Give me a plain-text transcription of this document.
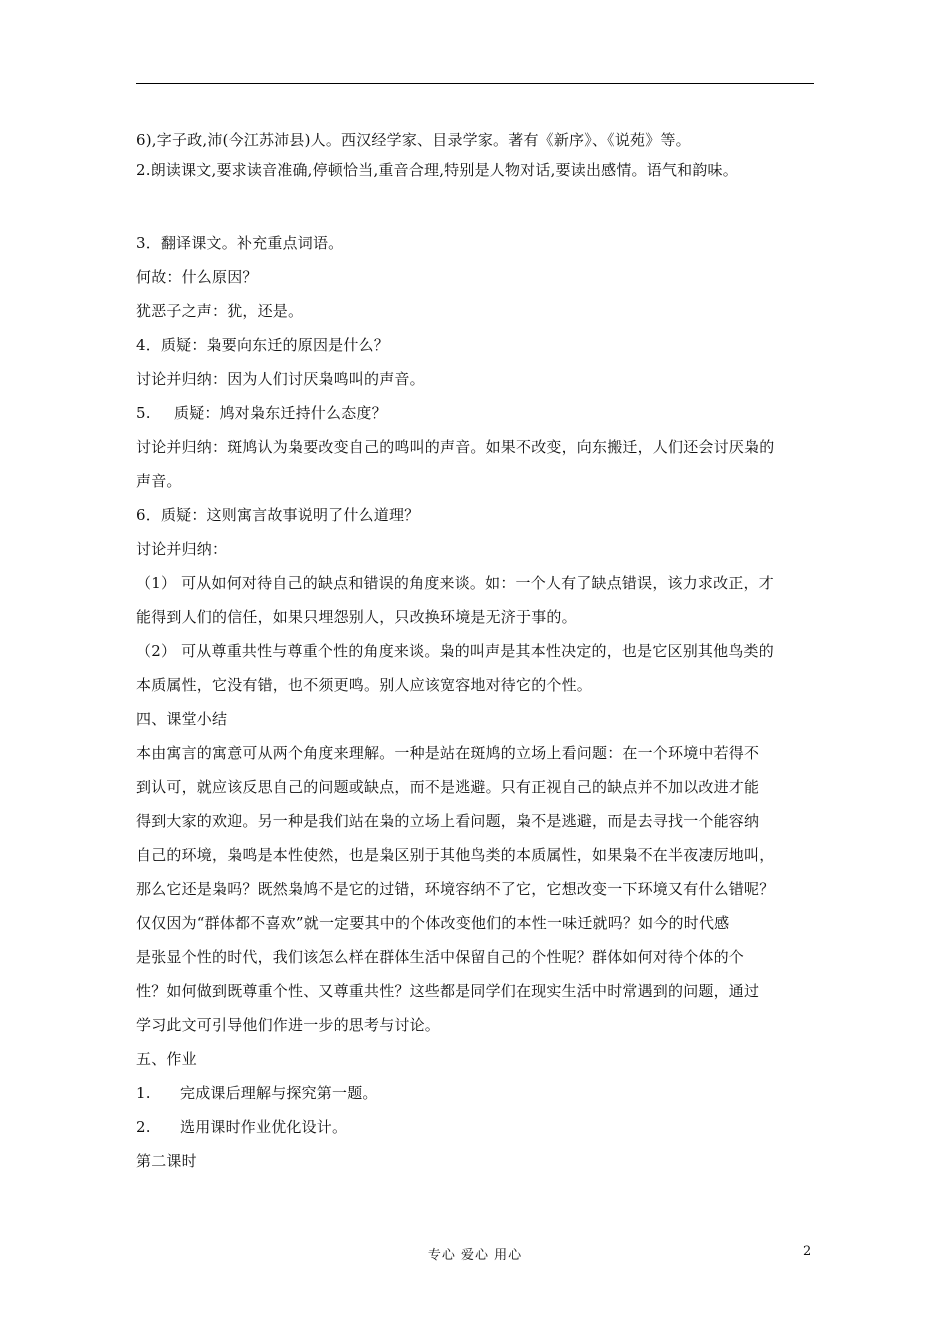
6),字子政,沛(今江苏沛县)人。西汉经学家、目录学家。著有《新序》、《说苑》等。
2.朗读课文,要求读音准确,停顿恰当,重音合理,特别是人物对话,要读出感情。语气和韵味。
3．翻译课文。补充重点词语。
何故：什么原因？
犹恶子之声：犹，还是。
4．质疑：枭要向东迁的原因是什么？
讨论并归纳：因为人们讨厌枭鸣叫的声音。
5. 质疑：鸠对枭东迁持什么态度？
讨论并归纳：斑鸠认为枭要改变自己的鸣叫的声音。如果不改变，向东搬迁，人们还会讨厌枭的
声音。
6．质疑：这则寓言故事说明了什么道理？
讨论并归纳：
（1） 可从如何对待自己的缺点和错误的角度来谈。如：一个人有了缺点错误，该力求改正，才
能得到人们的信任，如果只埋怨别人，只改换环境是无济于事的。
（2） 可从尊重共性与尊重个性的角度来谈。枭的叫声是其本性决定的，也是它区别其他鸟类的
本质属性，它没有错，也不须更鸣。别人应该宽容地对待它的个性。
四、课堂小结
本由寓言的寓意可从两个角度来理解。一种是站在斑鸠的立场上看问题：在一个环境中若得不
到认可，就应该反思自己的问题或缺点，而不是逃避。只有正视自己的缺点并不加以改进才能
得到大家的欢迎。另一种是我们站在枭的立场上看问题，枭不是逃避，而是去寻找一个能容纳
自己的环境，枭鸣是本性使然，也是枭区别于其他鸟类的本质属性，如果枭不在半夜凄厉地叫，
那么它还是枭吗？既然枭鸠不是它的过错，环境容纳不了它，它想改变一下环境又有什么错呢？
仅仅因为“群体都不喜欢”就一定要其中的个体改变他们的本性一味迁就吗？如今的时代感
是张显个性的时代，我们该怎么样在群体生活中保留自己的个性呢？群体如何对待个体的个
性？如何做到既尊重个性、又尊重共性？这些都是同学们在现实生活中时常遇到的问题，通过
学习此文可引导他们作进一步的思考与讨论。
五、作业
1. 完成课后理解与探究第一题。
2. 选用课时作业优化设计。
第二课时
专心 爱心 用心	2
